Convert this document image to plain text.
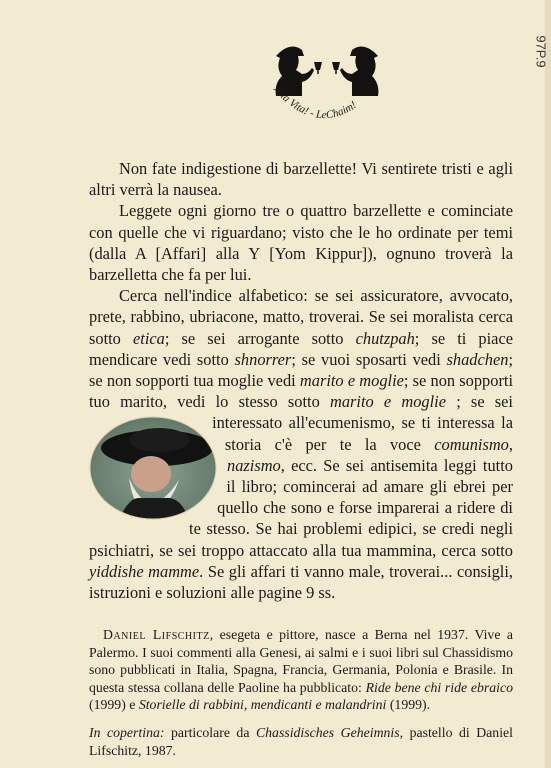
97P.9
Alla Vita! - LeChaim!

Non fate indigestione di barzellette! Vi sentirete tristi e agli altri verrà la nausea.

Leggete ogni giorno tre o quattro barzellette e cominciate con quelle che vi riguardano; visto che le ho ordinate per temi (dalla A [Affari] alla Y [Yom Kippur]), ognuno troverà la barzelletta che fa per lui.

Cerca nell'indice alfabetico: se sei assicuratore, avvocato, prete, rabbino, ubriacone, matto, troverai. Se sei moralista cerca sotto etica; se sei arrogante sotto chutzpah; se ti piace mendicare vedi sotto shnorrer; se vuoi sposarti vedi shadchen; se non sopporti tua moglie vedi marito e moglie; se non sopporti tuo marito, vedi lo stesso sotto marito e moglie ; se sei interessato all'ecumenismo, se ti interessa la storia c'è per te la voce comunismo, nazismo, ecc. Se sei antisemita leggi tutto il libro; comincerai ad amare gli ebrei per quello che sono e forse imparerai a ridere di te stesso. Se hai problemi edipici, se credi negli psichiatri, se sei troppo attaccato alla tua mammina, cerca sotto yiddishe mamme. Se gli affari ti vanno male, troverai... consigli, istruzioni e soluzioni alle pagine 9 ss.

Daniel Lifschitz, esegeta e pittore, nasce a Berna nel 1937. Vive a Palermo. I suoi commenti alla Genesi, ai salmi e i suoi libri sul Chassidismo sono pubblicati in Italia, Spagna, Francia, Germania, Polonia e Brasile. In questa stessa collana delle Paoline ha pubblicato: Ride bene chi ride ebraico (1999) e Storielle di rabbini, mendicanti e malandrini (1999).

In copertina: particolare da Chassidisches Geheimnis, pastello di Daniel Lifschitz, 1987.
